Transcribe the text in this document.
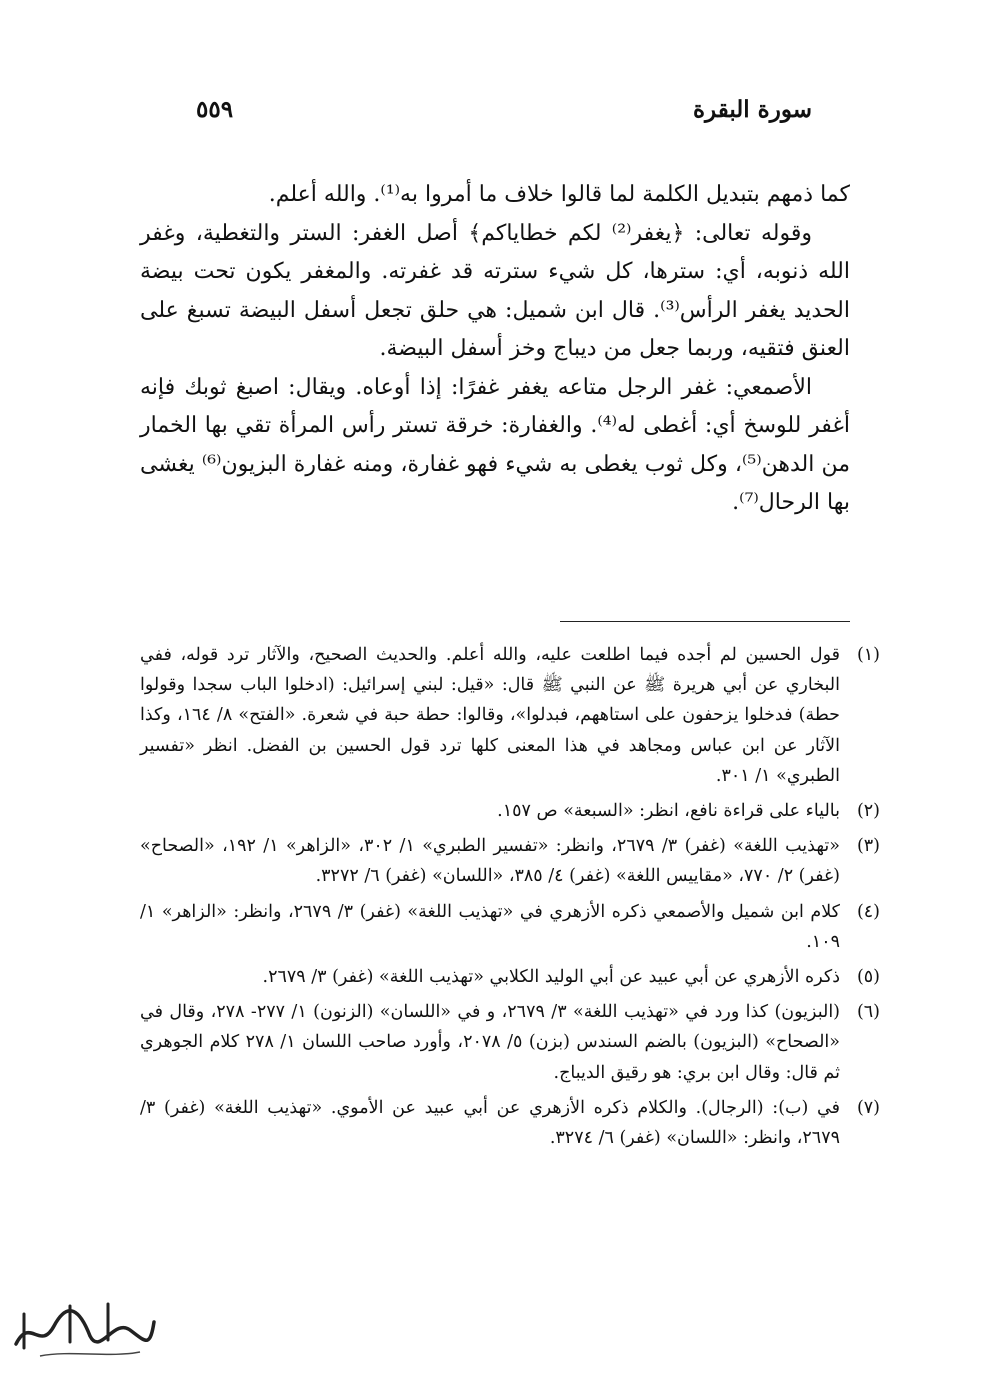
سورة البقرة
٥٥٩

كما ذمهم بتبديل الكلمة لما قالوا خلاف ما أمروا به⁽¹⁾. والله أعلم.

وقوله تعالى: ﴿يغفر⁽²⁾ لكم خطاياكم﴾ أصل الغفر: الستر والتغطية، وغفر الله ذنوبه، أي: سترها، كل شيء سترته قد غفرته. والمغفر يكون تحت بيضة الحديد يغفر الرأس⁽³⁾. قال ابن شميل: هي حلق تجعل أسفل البيضة تسبغ على العنق فتقيه، وربما جعل من ديباج وخز أسفل البيضة.

الأصمعي: غفر الرجل متاعه يغفر غفرًا: إذا أوعاه. ويقال: اصبغ ثوبك فإنه أغفر للوسخ أي: أغطى له⁽⁴⁾. والغفارة: خرقة تستر رأس المرأة تقي بها الخمار من الدهن⁽⁵⁾، وكل ثوب يغطى به شيء فهو غفارة، ومنه غفارة البزيون⁽⁶⁾ يغشى بها الرحال⁽⁷⁾.

(١)
قول الحسين لم أجده فيما اطلعت عليه، والله أعلم. والحديث الصحيح، والآثار ترد قوله، ففي البخاري عن أبي هريرة ﷺ عن النبي ﷺ قال: «قيل: لبني إسرائيل: (ادخلوا الباب سجدا وقولوا حطة) فدخلوا يزحفون على استاههم، فبدلوا»، وقالوا: حطة حبة في شعرة. «الفتح» ٨/ ١٦٤، وكذا الآثار عن ابن عباس ومجاهد في هذا المعنى كلها ترد قول الحسين بن الفضل. انظر «تفسير الطبري» ١/ ٣٠١.
(٢)
بالياء على قراءة نافع، انظر: «السبعة» ص ١٥٧.
(٣)
«تهذيب اللغة» (غفر) ٣/ ٢٦٧٩، وانظر: «تفسير الطبري» ١/ ٣٠٢، «الزاهر» ١/ ١٩٢، «الصحاح» (غفر) ٢/ ٧٧٠، «مقاييس اللغة» (غفر) ٤/ ٣٨٥، «اللسان» (غفر) ٦/ ٣٢٧٢.
(٤)
كلام ابن شميل والأصمعي ذكره الأزهري في «تهذيب اللغة» (غفر) ٣/ ٢٦٧٩، وانظر: «الزاهر» ١/ ١٠٩.
(٥)
ذكره الأزهري عن أبي عبيد عن أبي الوليد الكلابي «تهذيب اللغة» (غفر) ٣/ ٢٦٧٩.
(٦)
(البزيون) كذا ورد في «تهذيب اللغة» ٣/ ٢٦٧٩، و في «اللسان» (الزنون) ١/ ٢٧٧- ٢٧٨، وقال في «الصحاح» (البزيون) بالضم السندس (بزن) ٥/ ٢٠٧٨، وأورد صاحب اللسان ١/ ٢٧٨ كلام الجوهري ثم قال: وقال ابن بري: هو رقيق الديباج.
(٧)
في (ب): (الرجال). والكلام ذكره الأزهري عن أبي عبيد عن الأموي. «تهذيب اللغة» (غفر) ٣/ ٢٦٧٩، وانظر: «اللسان» (غفر) ٦/ ٣٢٧٤.
